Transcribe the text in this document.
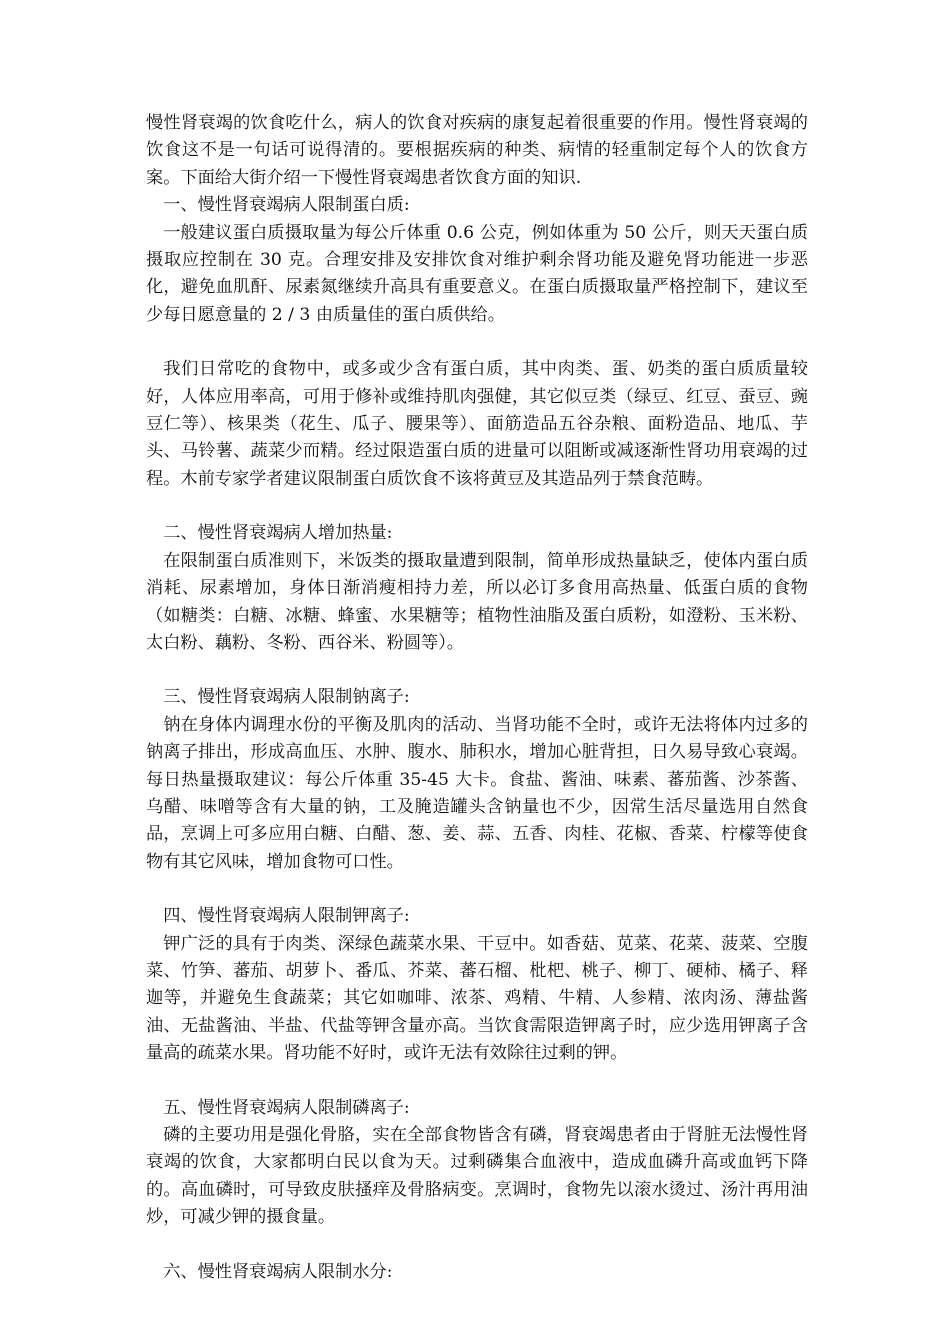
慢性肾衰竭的饮食吃什么，病人的饮食对疾病的康复起着很重要的作用。慢性肾衰竭的饮食这不是一句话可说得清的。要根据疾病的种类、病情的轻重制定每个人的饮食方案。下面给大街介绍一下慢性肾衰竭患者饮食方面的知识.

一、慢性肾衰竭病人限制蛋白质:

一般建议蛋白质摄取量为每公斤体重 0.6 公克，例如体重为 50 公斤，则天天蛋白质摄取应控制在 30 克。合理安排及安排饮食对维护剩余肾功能及避免肾功能进一步恶化，避免血肌酐、尿素氮继续升高具有重要意义。在蛋白质摄取量严格控制下，建议至少每日愿意量的 2 / 3 由质量佳的蛋白质供给。

我们日常吃的食物中，或多或少含有蛋白质，其中肉类、蛋、奶类的蛋白质质量较好，人体应用率高，可用于修补或维持肌肉强健，其它似豆类（绿豆、红豆、蚕豆、豌豆仁等）、核果类（花生、瓜子、腰果等）、面筋造品五谷杂粮、面粉造品、地瓜、芋头、马铃薯、蔬菜少而精。经过限造蛋白质的进量可以阻断或减逐渐性肾功用衰竭的过程。木前专家学者建议限制蛋白质饮食不该将黄豆及其造品列于禁食范畴。

二、慢性肾衰竭病人增加热量:

在限制蛋白质准则下，米饭类的摄取量遭到限制，简单形成热量缺乏，使体内蛋白质消耗、尿素增加，身体日渐消瘦相持力差，所以必订多食用高热量、低蛋白质的食物（如糖类：白糖、冰糖、蜂蜜、水果糖等；植物性油脂及蛋白质粉，如澄粉、玉米粉、太白粉、藕粉、冬粉、西谷米、粉圆等）。

三、慢性肾衰竭病人限制钠离子:

钠在身体内调理水份的平衡及肌肉的活动、当肾功能不全时，或许无法将体内过多的钠离子排出，形成高血压、水肿、腹水、肺积水，增加心脏背担，日久易导致心衰竭。每日热量摄取建议：每公斤体重 35-45 大卡。食盐、酱油、味素、蕃茄酱、沙茶酱、乌醋、味噌等含有大量的钠，工及腌造罐头含钠量也不少，因常生活尽量选用自然食品，烹调上可多应用白糖、白醋、葱、姜、蒜、五香、肉桂、花椒、香菜、柠檬等使食物有其它风味，增加食物可口性。

四、慢性肾衰竭病人限制钾离子:

钾广泛的具有于肉类、深绿色蔬菜水果、干豆中。如香菇、苋菜、花菜、菠菜、空腹菜、竹笋、蕃茄、胡萝卜、番瓜、芥菜、蕃石榴、枇杷、桃子、柳丁、硬柿、橘子、释迦等，并避免生食蔬菜；其它如咖啡、浓茶、鸡精、牛精、人参精、浓肉汤、薄盐酱油、无盐酱油、半盐、代盐等钾含量亦高。当饮食需限造钾离子时，应少选用钾离子含量高的疏菜水果。肾功能不好时，或许无法有效除往过剩的钾。

五、慢性肾衰竭病人限制磷离子:

磷的主要功用是强化骨胳，实在全部食物皆含有磷，肾衰竭患者由于肾脏无法慢性肾衰竭的饮食，大家都明白民以食为天。过剩磷集合血液中，造成血磷升高或血钙下降的。高血磷时，可导致皮肤搔痒及骨胳病变。烹调时，食物先以滚水烫过、汤汁再用油炒，可减少钾的摄食量。

六、慢性肾衰竭病人限制水分:
